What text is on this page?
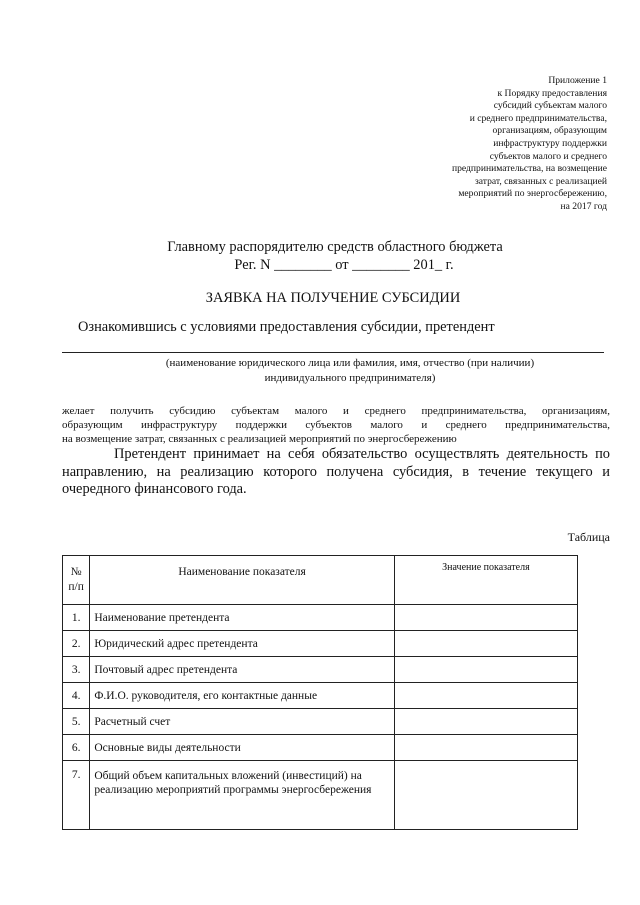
Приложение 1
к Порядку предоставления
субсидий субъектам малого
и среднего предпринимательства,
организациям, образующим
инфраструктуру поддержки
субъектов малого и среднего
предпринимательства, на возмещение
затрат, связанных с реализацией
мероприятий по энергосбережению,
на 2017 год
Главному распорядителю средств областного бюджета
Рег. N ________ от ________ 201_ г.
ЗАЯВКА НА ПОЛУЧЕНИЕ СУБСИДИИ
Ознакомившись с условиями предоставления субсидии, претендент
(наименование юридического лица или фамилия, имя, отчество (при наличии)
индивидуального предпринимателя)
желает получить субсидию субъектам малого и среднего предпринимательства, организациям,
образующим инфраструктуру поддержки субъектов малого и среднего предпринимательства,
на возмещение затрат, связанных с реализацией мероприятий по энергосбережению
Претендент принимает на себя обязательство осуществлять деятельность по
направлению, на реализацию которого получена субсидия, в течение текущего и
очередного финансового года.
Таблица
№
п/п	Наименование показателя	Значение показателя
1.	Наименование претендента	
2.	Юридический адрес претендента	
3.	Почтовый адрес претендента	
4.	Ф.И.О. руководителя, его контактные данные	
5.	Расчетный счет	
6.	Основные виды деятельности	
7.	Общий объем капитальных вложений (инвестиций) на реализацию мероприятий программы энергосбережения	
